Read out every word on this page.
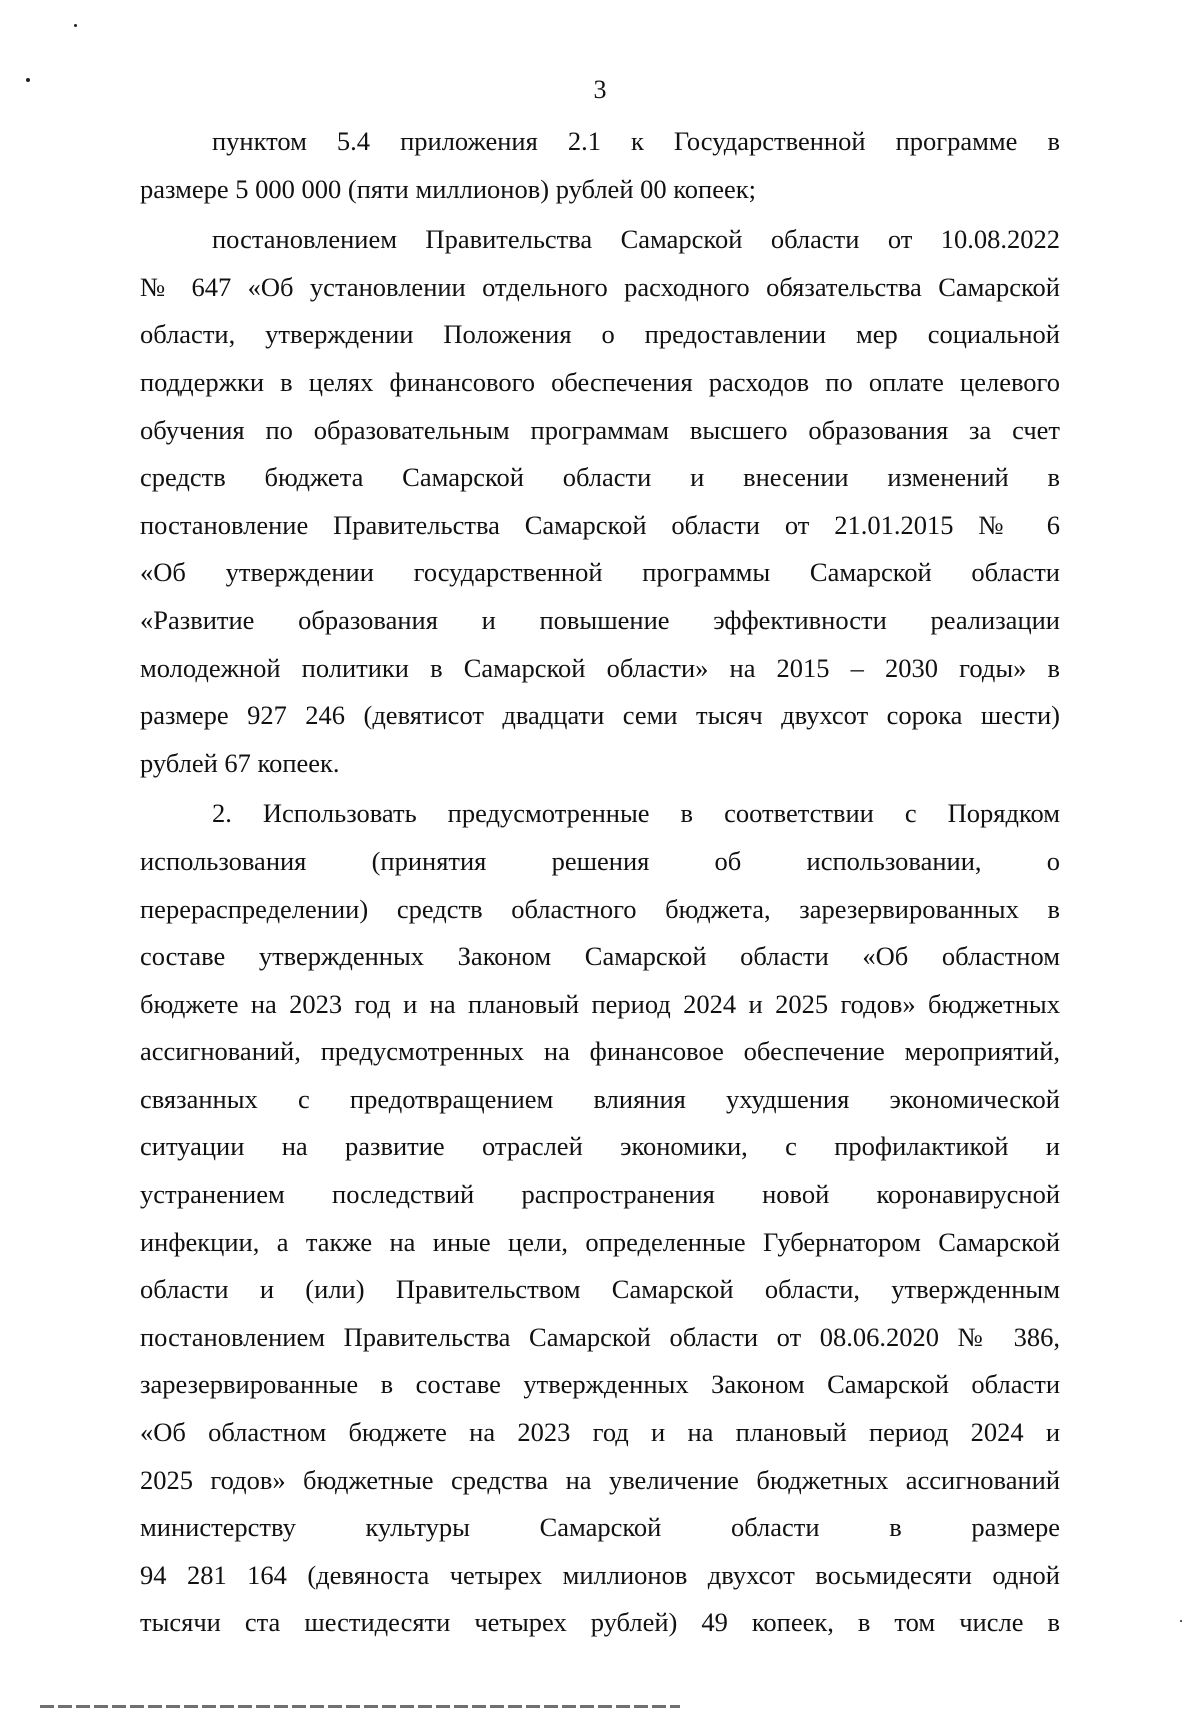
3
пунктом 5.4 приложения 2.1 к Государственной программе в
размере 5 000 000 (пяти миллионов) рублей 00 копеек;
постановлением Правительства Самарской области от 10.08.2022
№ 647 «Об установлении отдельного расходного обязательства Самарской
области, утверждении Положения о предоставлении мер социальной
поддержки в целях финансового обеспечения расходов по оплате целевого
обучения по образовательным программам высшего образования за счет
средств бюджета Самарской области и внесении изменений в
постановление Правительства Самарской области от 21.01.2015 № 6
«Об утверждении государственной программы Самарской области
«Развитие образования и повышение эффективности реализации
молодежной политики в Самарской области» на 2015 – 2030 годы» в
размере 927 246 (девятисот двадцати семи тысяч двухсот сорока шести)
рублей 67 копеек.
2. Использовать предусмотренные в соответствии с Порядком
использования (принятия решения об использовании, о
перераспределении) средств областного бюджета, зарезервированных в
составе утвержденных Законом Самарской области «Об областном
бюджете на 2023 год и на плановый период 2024 и 2025 годов» бюджетных
ассигнований, предусмотренных на финансовое обеспечение мероприятий,
связанных с предотвращением влияния ухудшения экономической
ситуации на развитие отраслей экономики, с профилактикой и
устранением последствий распространения новой коронавирусной
инфекции, а также на иные цели, определенные Губернатором Самарской
области и (или) Правительством Самарской области, утвержденным
постановлением Правительства Самарской области от 08.06.2020 № 386,
зарезервированные в составе утвержденных Законом Самарской области
«Об областном бюджете на 2023 год и на плановый период 2024 и
2025 годов» бюджетные средства на увеличение бюджетных ассигнований
министерству культуры Самарской области в размере
94 281 164 (девяноста четырех миллионов двухсот восьмидесяти одной
тысячи ста шестидесяти четырех рублей) 49 копеек, в том числе в
